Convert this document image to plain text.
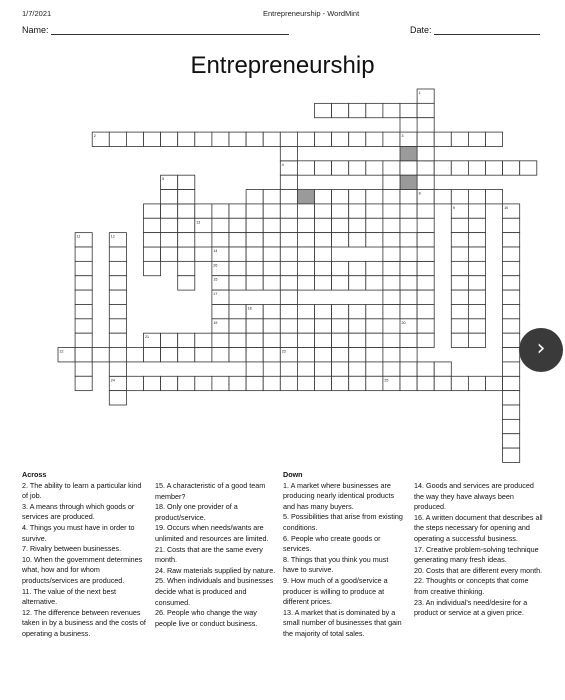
1/7/2021	Entrepreneurship - WordMint
Name:	Date:
Entrepreneurship
2	3
4
8
13
14
26
15
18
19
21
22	23
24	25
1
20
5
11	12
9	10
17
›

Across

2. The ability to learn a particular kind of job.

3. A means through which goods or services are produced.

4. Things you must have in order to survive.

7. Rivalry between businesses.

10. When the government determines what, how and for whom products/services are produced.

11. The value of the next best alternative.

12. The difference between revenues taken in by a business and the costs of operating a business.

15. A characteristic of a good team member?

18. Only one provider of a product/service.

19. Occurs when needs/wants are unlimited and resources are limited.

21. Costs that are the same every month.

24. Raw materials supplied by nature.

25. When individuals and businesses decide what is produced and consumed.

26. People who change the way people live or conduct business.

Down

1. A market where businesses are producing nearly identical products and has many buyers.

5. Possibilities that arise from existing conditions.

6. People who create goods or services.

8. Things that you think you must have to survive.

9. How much of a good/service a producer is willing to produce at different prices.

13. A market that is dominated by a small number of businesses that gain the majority of total sales.

14. Goods and services are produced the way they have always been produced.

16. A written document that describes all the steps necessary for opening and operating a successful business.

17. Creative problem-solving technique generating many fresh ideas.

20. Costs that are different every month.

22. Thoughts or concepts that come from creative thinking.

23. An individual's need/desire for a product or service at a given price.
